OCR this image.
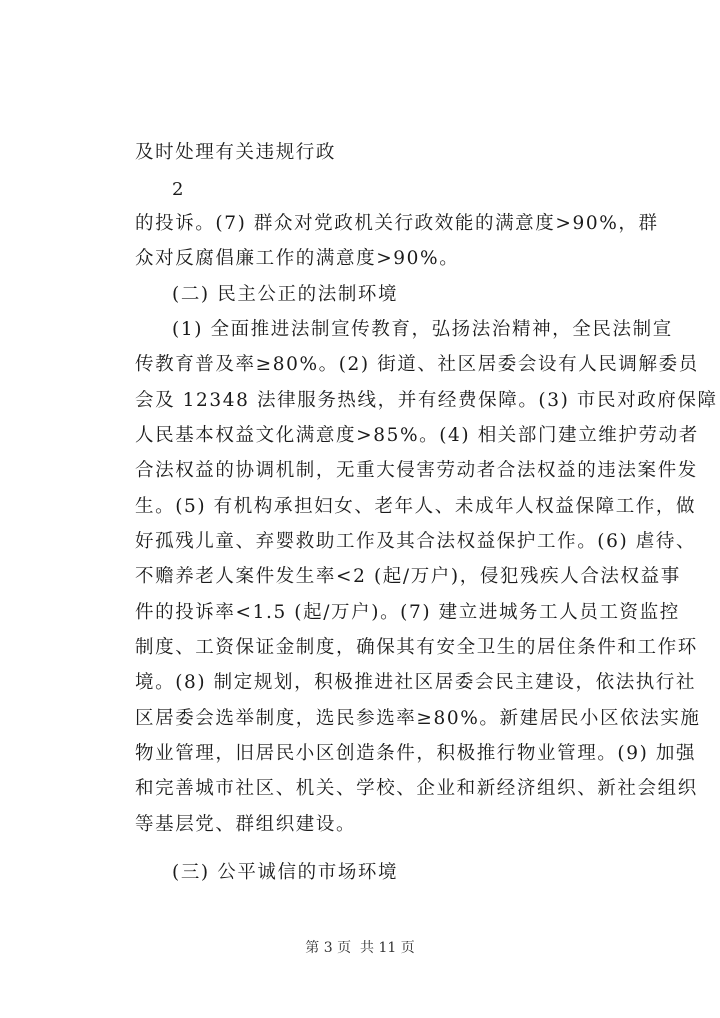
及时处理有关违规行政
2
的投诉。(7) 群众对党政机关行政效能的满意度>90%，群
众对反腐倡廉工作的满意度>90%。
(二) 民主公正的法制环境
(1) 全面推进法制宣传教育，弘扬法治精神，全民法制宣
传教育普及率≥80%。(2) 街道、社区居委会设有人民调解委员
会及 12348 法律服务热线，并有经费保障。(3) 市民对政府保障
人民基本权益文化满意度>85%。(4) 相关部门建立维护劳动者
合法权益的协调机制，无重大侵害劳动者合法权益的违法案件发
生。(5) 有机构承担妇女、老年人、未成年人权益保障工作，做
好孤残儿童、弃婴救助工作及其合法权益保护工作。(6) 虐待、
不赡养老人案件发生率<2 (起/万户)，侵犯残疾人合法权益事
件的投诉率<1.5 (起/万户)。(7) 建立进城务工人员工资监控
制度、工资保证金制度，确保其有安全卫生的居住条件和工作环
境。(8) 制定规划，积极推进社区居委会民主建设，依法执行社
区居委会选举制度，选民参选率≥80%。新建居民小区依法实施
物业管理，旧居民小区创造条件，积极推行物业管理。(9) 加强
和完善城市社区、机关、学校、企业和新经济组织、新社会组织
等基层党、群组织建设。
(三) 公平诚信的市场环境
第 3 页  共 11 页
